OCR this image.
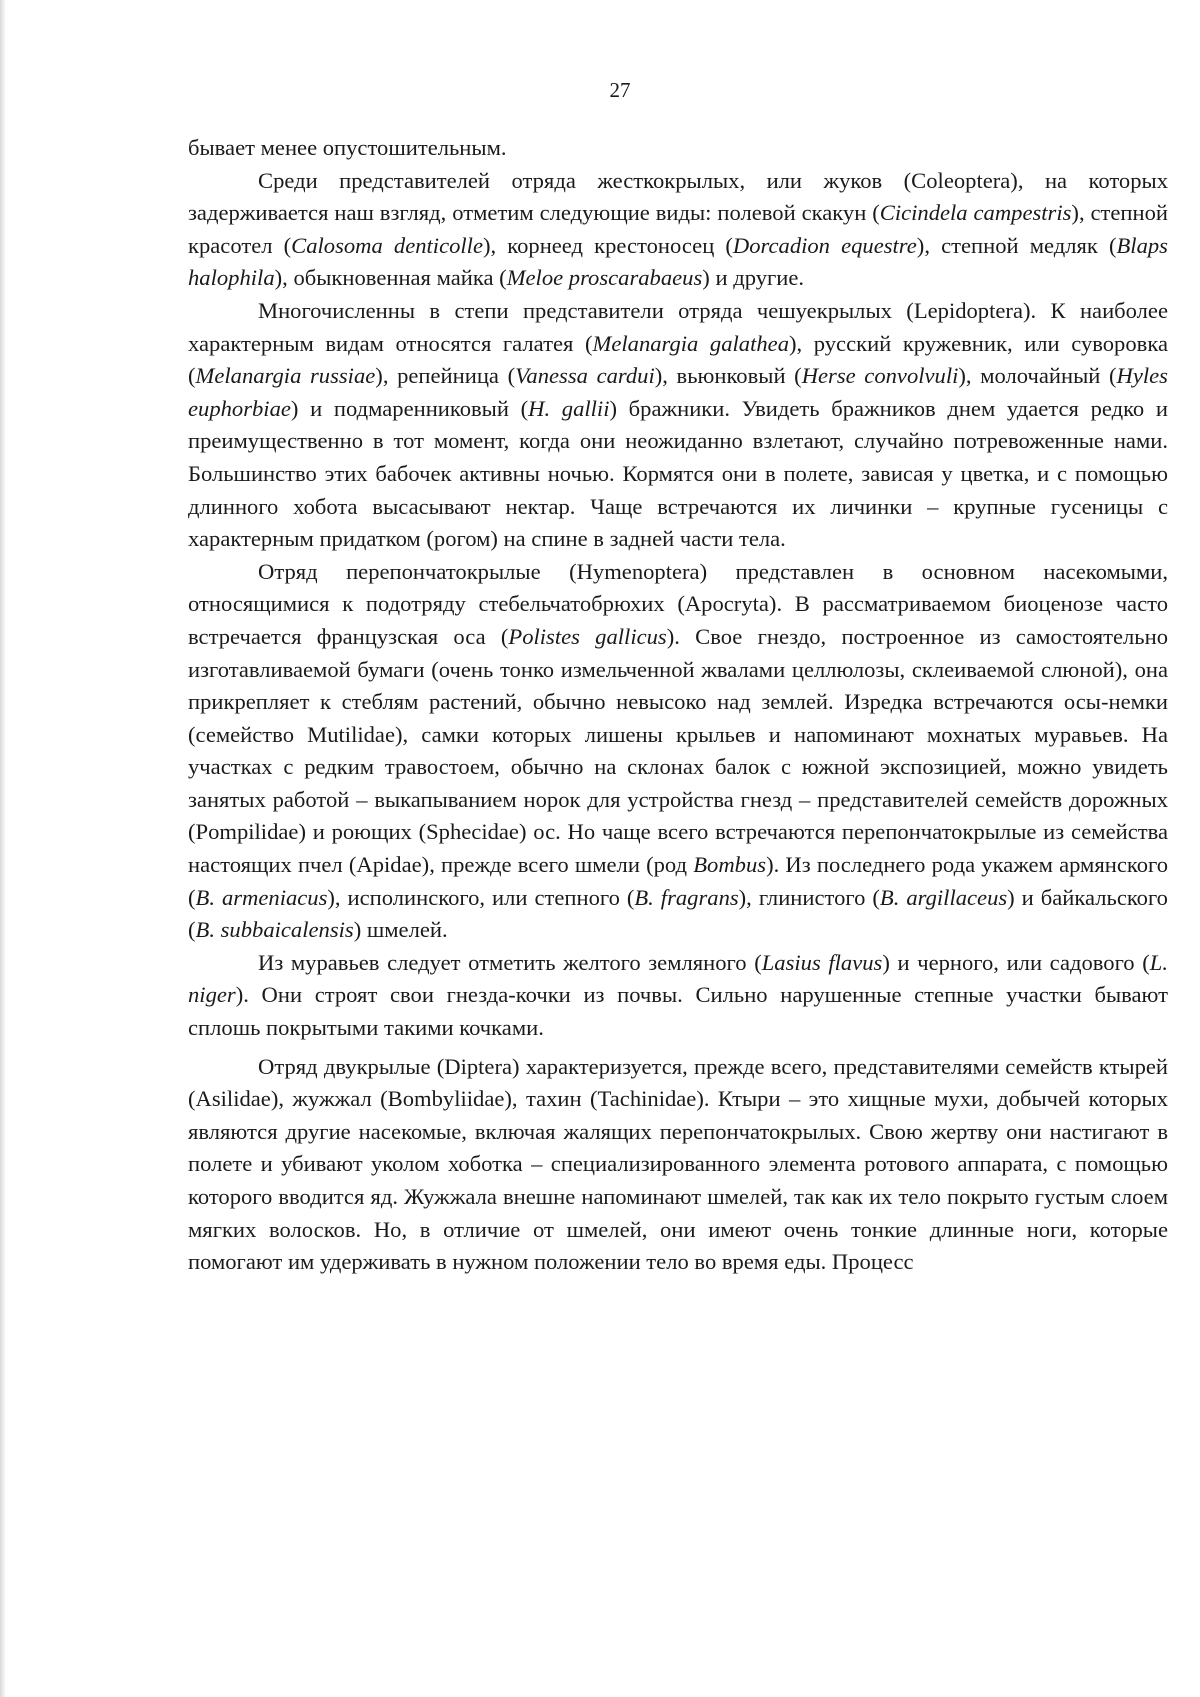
27

бывает менее опустошительным.

Среди представителей отряда жесткокрылых, или жуков (Coleoptera), на которых задерживается наш взгляд, отметим следующие виды: полевой скакун (Cicindela campestris), степной красотел (Calosoma denticolle), корнеед крестоносец (Dorcadion equestre), степной медляк (Blaps halophila), обыкновенная майка (Meloe proscarabaeus) и другие.

Многочисленны в степи представители отряда чешуекрылых (Lepidoptera). К наиболее характерным видам относятся галатея (Melanargia galathea), русский кружевник, или суворовка (Melanargia russiae), репейница (Vanessa cardui), вьюнковый (Herse convolvuli), молочайный (Hyles euphorbiae) и подмаренниковый (H. gallii) бражники. Увидеть бражников днем удается редко и преимущественно в тот момент, когда они неожиданно взлетают, случайно потревоженные нами. Большинство этих бабочек активны ночью. Кормятся они в полете, зависая у цветка, и с помощью длинного хобота высасывают нектар. Чаще встречаются их личинки – крупные гусеницы с характерным придатком (рогом) на спине в задней части тела.

Отряд перепончатокрылые (Hymenoptera) представлен в основном насекомыми, относящимися к подотряду стебельчатобрюхих (Apocryta). В рассматриваемом биоценозе часто встречается французская оса (Polistes gallicus). Свое гнездо, построенное из самостоятельно изготавливаемой бумаги (очень тонко измельченной жвалами целлюлозы, склеиваемой слюной), она прикрепляет к стеблям растений, обычно невысоко над землей. Изредка встречаются осы-немки (семейство Mutilidae), самки которых лишены крыльев и напоминают мохнатых муравьев. На участках с редким травостоем, обычно на склонах балок с южной экспозицией, можно увидеть занятых работой – выкапыванием норок для устройства гнезд – представителей семейств дорожных (Pompilidae) и роющих (Sphecidae) ос. Но чаще всего встречаются перепончатокрылые из семейства настоящих пчел (Apidae), прежде всего шмели (род Bombus). Из последнего рода укажем армянского (B. armeniacus), исполинского, или степного (B. fragrans), глинистого (B. argillaceus) и байкальского (B. subbaicalensis) шмелей.

Из муравьев следует отметить желтого земляного (Lasius flavus) и черного, или садового (L. niger). Они строят свои гнезда-кочки из почвы. Сильно нарушенные степные участки бывают сплошь покрытыми такими кочками.

Отряд двукрылые (Diptera) характеризуется, прежде всего, представителями семейств ктырей (Asilidae), жужжал (Bombyliidae), тахин (Tachinidae). Ктыри – это хищные мухи, добычей которых являются другие насекомые, включая жалящих перепончатокрылых. Свою жертву они настигают в полете и убивают уколом хоботка – специализированного элемента ротового аппарата, с помощью которого вводится яд. Жужжала внешне напоминают шмелей, так как их тело покрыто густым слоем мягких волосков. Но, в отличие от шмелей, они имеют очень тонкие длинные ноги, которые помогают им удерживать в нужном положении тело во время еды. Процесс
